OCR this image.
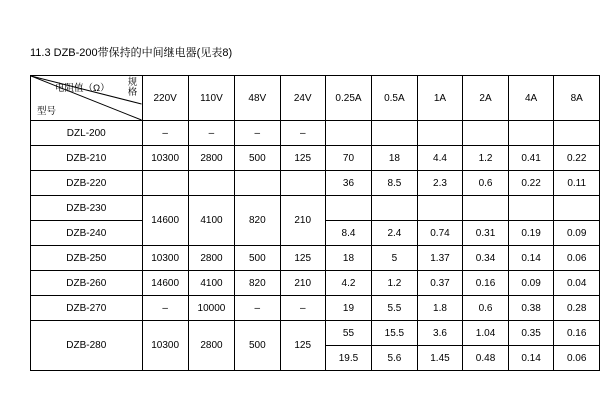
11.3 DZB-200带保持的中间继电器(见表8)
电阻值（Ω）
规格
型号	220V	110V	48V	24V	0.25A	0.5A	1A	2A	4A	8A
DZL-200	–	–	–	–						
DZB-210	10300	2800	500	125	70	18	4.4	1.2	0.41	0.22
DZB-220					36	8.5	2.3	0.6	0.22	0.11
DZB-230	14600	4100	820	210						
DZB-240					8.4	2.4	0.74	0.31	0.19	0.09
DZB-250	10300	2800	500	125	18	5	1.37	0.34	0.14	0.06
DZB-260	14600	4100	820	210	4.2	1.2	0.37	0.16	0.09	0.04
DZB-270	–	10000	–	–	19	5.5	1.8	0.6	0.38	0.28
DZB-280	10300	2800	500	125	55	15.5	3.6	1.04	0.35	0.16
					19.5	5.6	1.45	0.48	0.14	0.06
